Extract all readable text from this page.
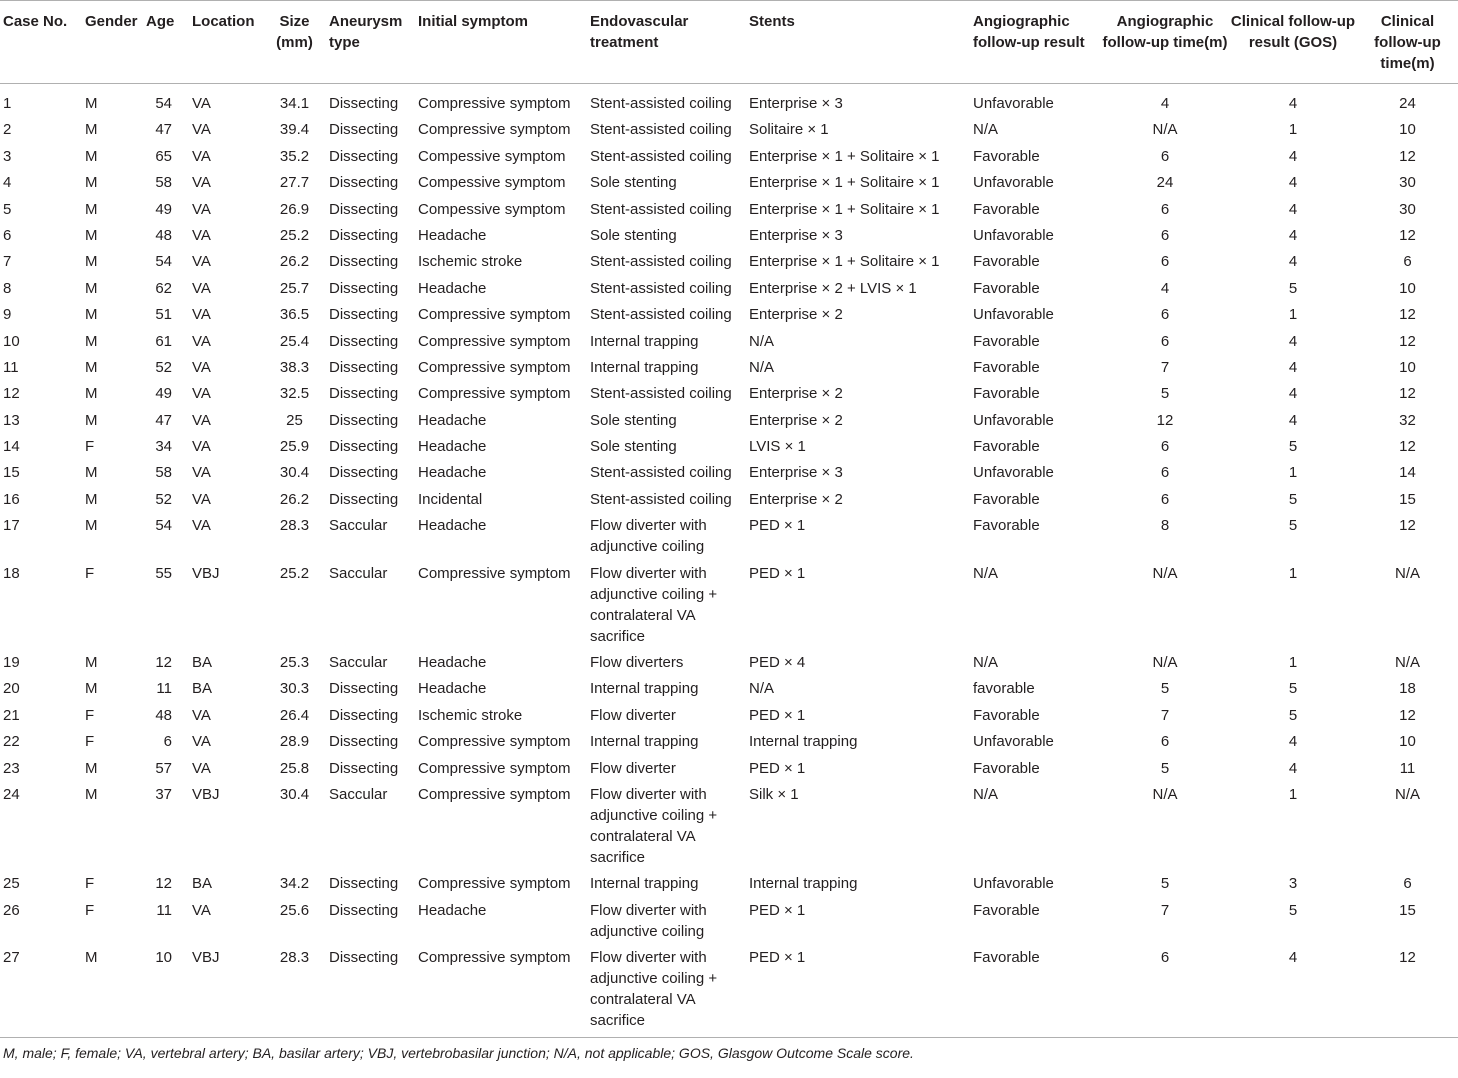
Case No.	Gender	Age	Location	Size (mm)	Aneurysm type	Initial symptom	Endovascular treatment	Stents	Angiographic follow-up result	Angiographic follow-up time(m)	Clinical follow-up result (GOS)	Clinical follow-up time(m)
1	M	54	VA	34.1	Dissecting	Compressive symptom	Stent-assisted coiling	Enterprise × 3	Unfavorable	4	4	24
2	M	47	VA	39.4	Dissecting	Compressive symptom	Stent-assisted coiling	Solitaire × 1	N/A	N/A	1	10
3	M	65	VA	35.2	Dissecting	Compessive symptom	Stent-assisted coiling	Enterprise × 1 + Solitaire × 1	Favorable	6	4	12
4	M	58	VA	27.7	Dissecting	Compessive symptom	Sole stenting	Enterprise × 1 + Solitaire × 1	Unfavorable	24	4	30
5	M	49	VA	26.9	Dissecting	Compessive symptom	Stent-assisted coiling	Enterprise × 1 + Solitaire × 1	Favorable	6	4	30
6	M	48	VA	25.2	Dissecting	Headache	Sole stenting	Enterprise × 3	Unfavorable	6	4	12
7	M	54	VA	26.2	Dissecting	Ischemic stroke	Stent-assisted coiling	Enterprise × 1 + Solitaire × 1	Favorable	6	4	6
8	M	62	VA	25.7	Dissecting	Headache	Stent-assisted coiling	Enterprise × 2 + LVIS × 1	Favorable	4	5	10
9	M	51	VA	36.5	Dissecting	Compressive symptom	Stent-assisted coiling	Enterprise × 2	Unfavorable	6	1	12
10	M	61	VA	25.4	Dissecting	Compressive symptom	Internal trapping	N/A	Favorable	6	4	12
11	M	52	VA	38.3	Dissecting	Compressive symptom	Internal trapping	N/A	Favorable	7	4	10
12	M	49	VA	32.5	Dissecting	Compressive symptom	Stent-assisted coiling	Enterprise × 2	Favorable	5	4	12
13	M	47	VA	25	Dissecting	Headache	Sole stenting	Enterprise × 2	Unfavorable	12	4	32
14	F	34	VA	25.9	Dissecting	Headache	Sole stenting	LVIS × 1	Favorable	6	5	12
15	M	58	VA	30.4	Dissecting	Headache	Stent-assisted coiling	Enterprise × 3	Unfavorable	6	1	14
16	M	52	VA	26.2	Dissecting	Incidental	Stent-assisted coiling	Enterprise × 2	Favorable	6	5	15
17	M	54	VA	28.3	Saccular	Headache	Flow diverter with adjunctive coiling	PED × 1	Favorable	8	5	12
18	F	55	VBJ	25.2	Saccular	Compressive symptom	Flow diverter with adjunctive coiling + contralateral VA sacrifice	PED × 1	N/A	N/A	1	N/A
19	M	12	BA	25.3	Saccular	Headache	Flow diverters	PED × 4	N/A	N/A	1	N/A
20	M	11	BA	30.3	Dissecting	Headache	Internal trapping	N/A	favorable	5	5	18
21	F	48	VA	26.4	Dissecting	Ischemic stroke	Flow diverter	PED × 1	Favorable	7	5	12
22	F	6	VA	28.9	Dissecting	Compressive symptom	Internal trapping	Internal trapping	Unfavorable	6	4	10
23	M	57	VA	25.8	Dissecting	Compressive symptom	Flow diverter	PED × 1	Favorable	5	4	11
24	M	37	VBJ	30.4	Saccular	Compressive symptom	Flow diverter with adjunctive coiling + contralateral VA sacrifice	Silk × 1	N/A	N/A	1	N/A
25	F	12	BA	34.2	Dissecting	Compressive symptom	Internal trapping	Internal trapping	Unfavorable	5	3	6
26	F	11	VA	25.6	Dissecting	Headache	Flow diverter with adjunctive coiling	PED × 1	Favorable	7	5	15
27	M	10	VBJ	28.3	Dissecting	Compressive symptom	Flow diverter with adjunctive coiling + contralateral VA sacrifice	PED × 1	Favorable	6	4	12
M, male; F, female; VA, vertebral artery; BA, basilar artery; VBJ, vertebrobasilar junction; N/A, not applicable; GOS, Glasgow Outcome Scale score.
